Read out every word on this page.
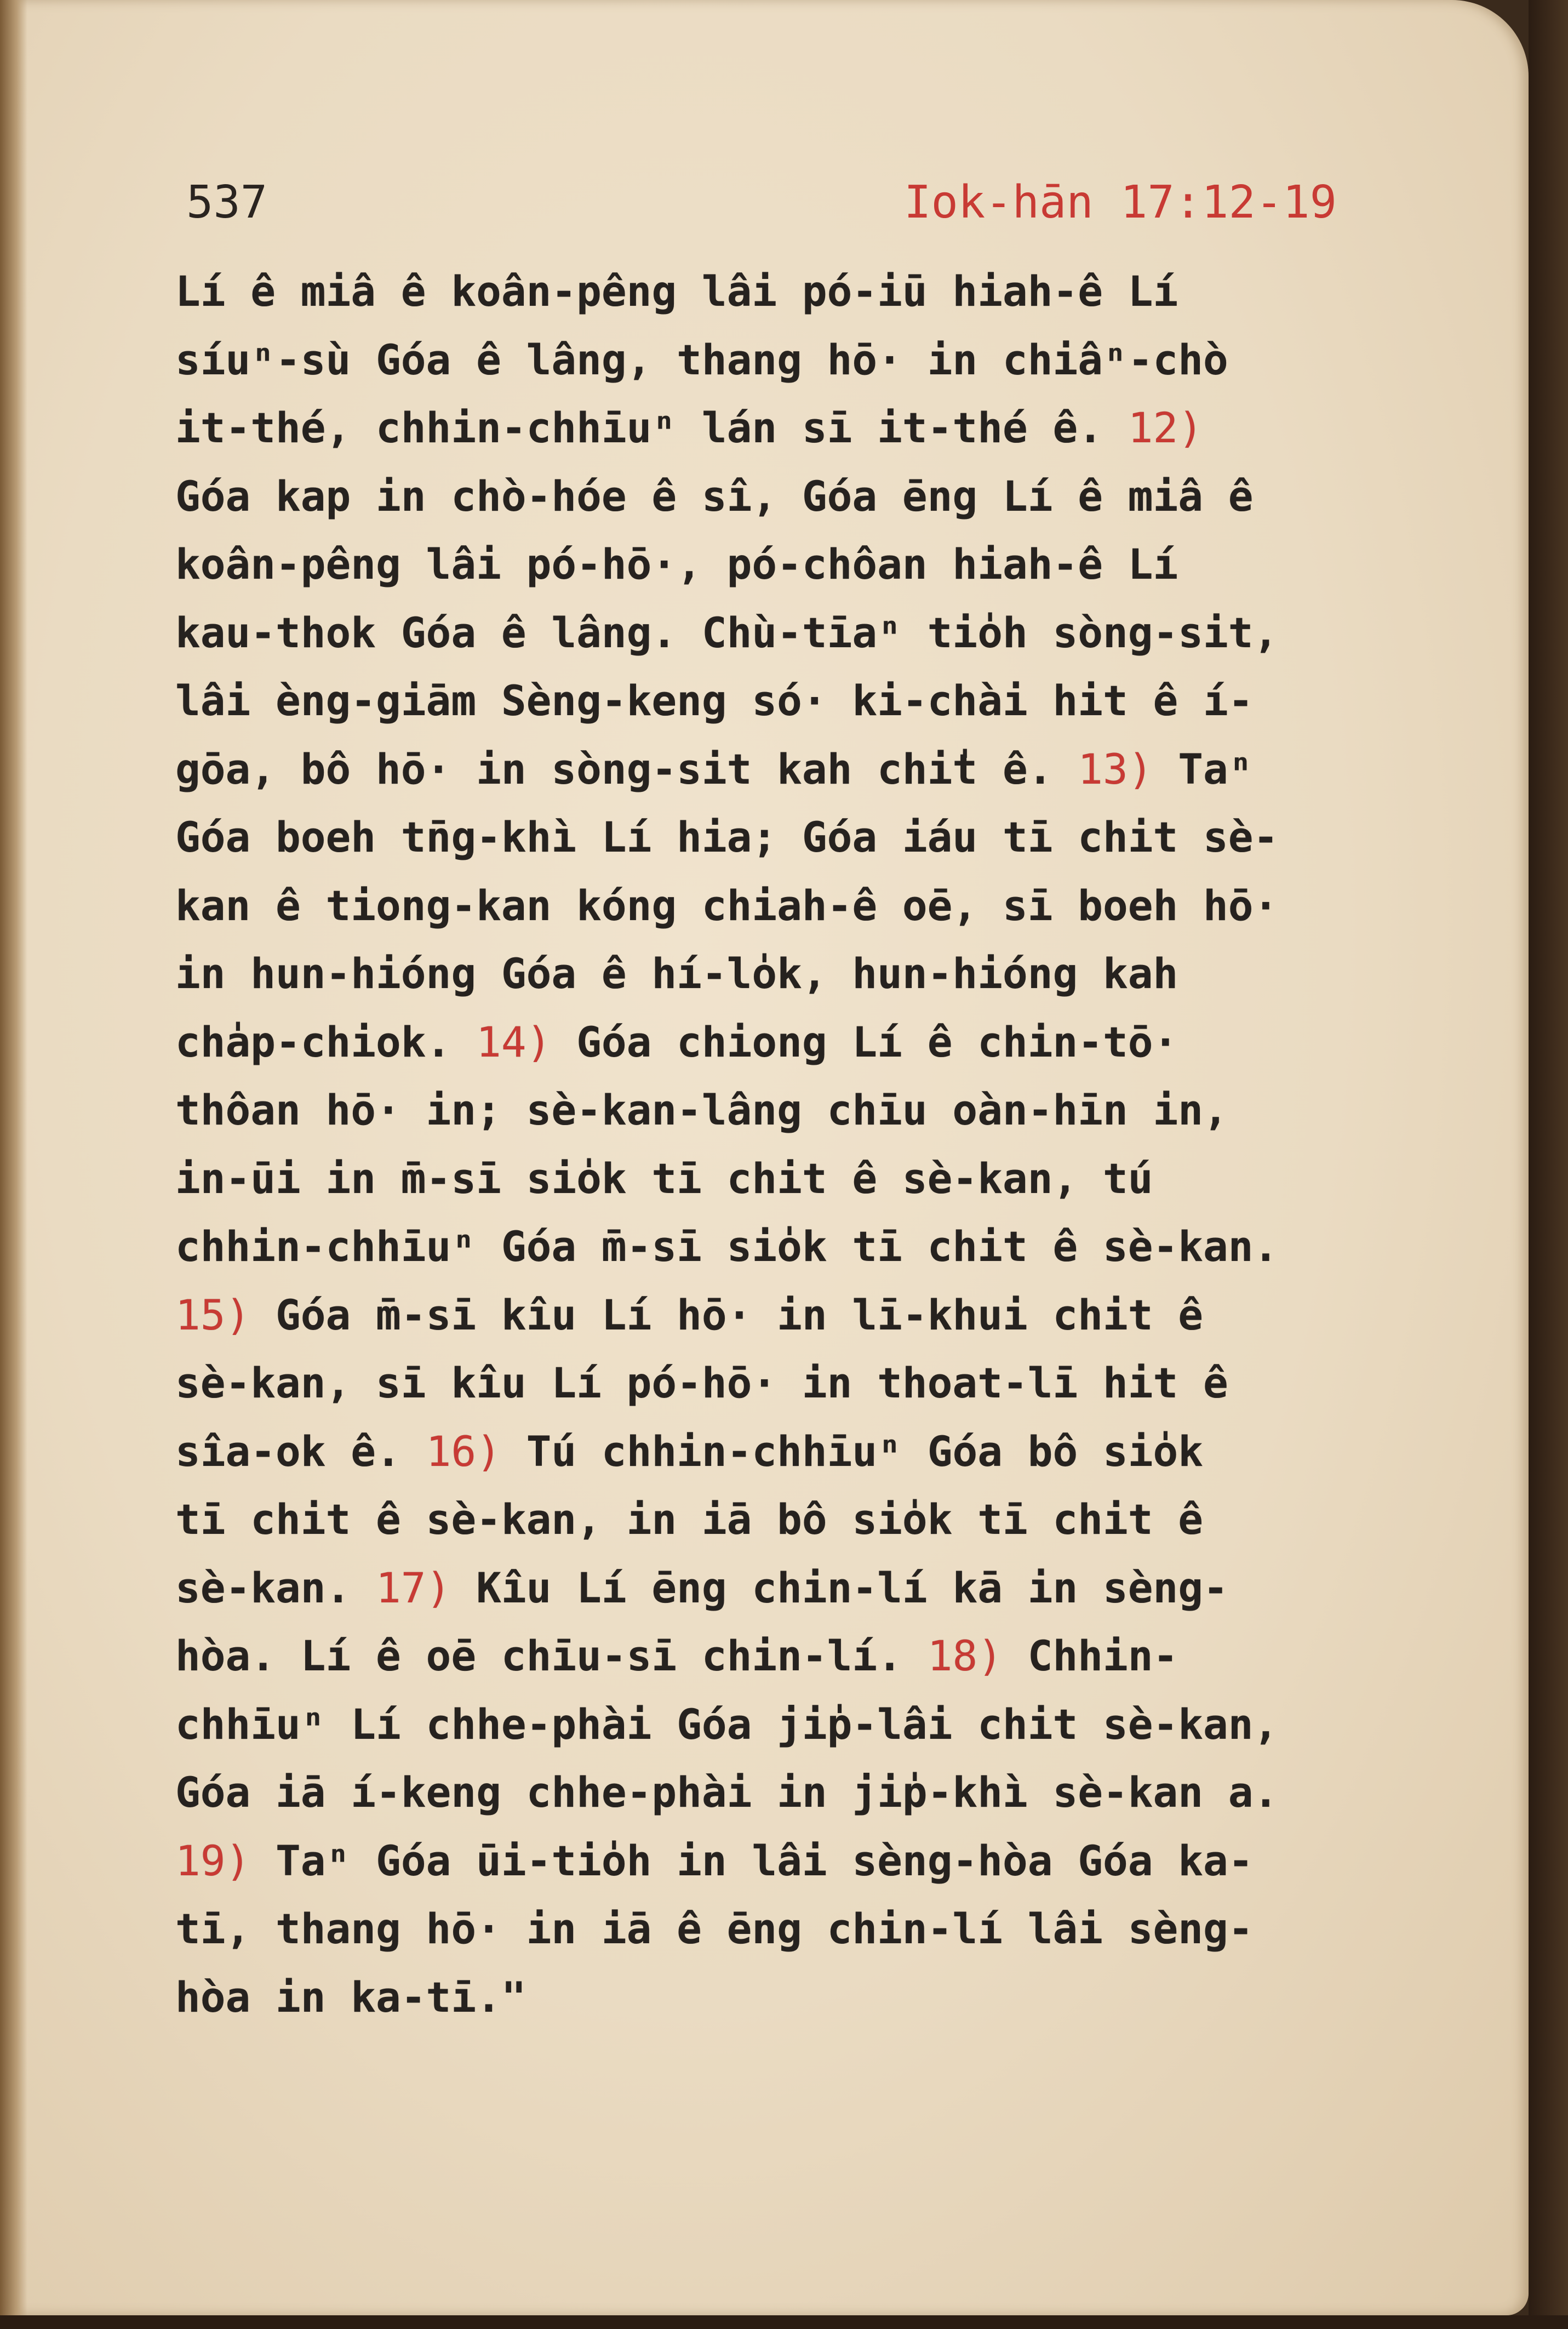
537	Iok-hān 17:12-19
Lí ê miâ ê koân-pêng lâi pó-iū hiah-ê Lí
síuⁿ-sù Góa ê lâng, thang hō· in chiâⁿ-chò
it-thé, chhin-chhīuⁿ lán sī it-thé ê. 12)
Góa kap in chò-hóe ê sî, Góa ēng Lí ê miâ ê
koân-pêng lâi pó-hō·, pó-chôan hiah-ê Lí
kau-thok Góa ê lâng. Chù-tīaⁿ tio̍h sòng-sit,
lâi èng-giām Sèng-keng só· ki-chài hit ê í-
gōa, bô hō· in sòng-sit kah chi̍t ê. 13) Taⁿ
Góa boeh tn̄g-khì Lí hia; Góa iáu tī chit sè-
kan ê tiong-kan kóng chiah-ê oē, sī boeh hō·
in hun-hióng Góa ê hí-lo̍k, hun-hióng kah
cha̍p-chiok. 14) Góa chiong Lí ê chin-tō·
thôan hō· in; sè-kan-lâng chīu oàn-hīn in,
in-ūi in m̄-sī sio̍k tī chit ê sè-kan, tú
chhin-chhīuⁿ Góa m̄-sī sio̍k tī chit ê sè-kan.
15) Góa m̄-sī kîu Lí hō· in lī-khui chit ê
sè-kan, sī kîu Lí pó-hō· in thoat-lī hit ê
sîa-ok ê. 16) Tú chhin-chhīuⁿ Góa bô sio̍k
tī chit ê sè-kan, in iā bô sio̍k tī chit ê
sè-kan. 17) Kîu Lí ēng chin-lí kā in sèng-
hòa. Lí ê oē chīu-sī chin-lí. 18) Chhin-
chhīuⁿ Lí chhe-phài Góa ji̍p-lâi chit sè-kan,
Góa iā í-keng chhe-phài in ji̍p-khì sè-kan a.
19) Taⁿ Góa ūi-tio̍h in lâi sèng-hòa Góa ka-
tī, thang hō· in iā ê ēng chin-lí lâi sèng-
hòa in ka-tī."
